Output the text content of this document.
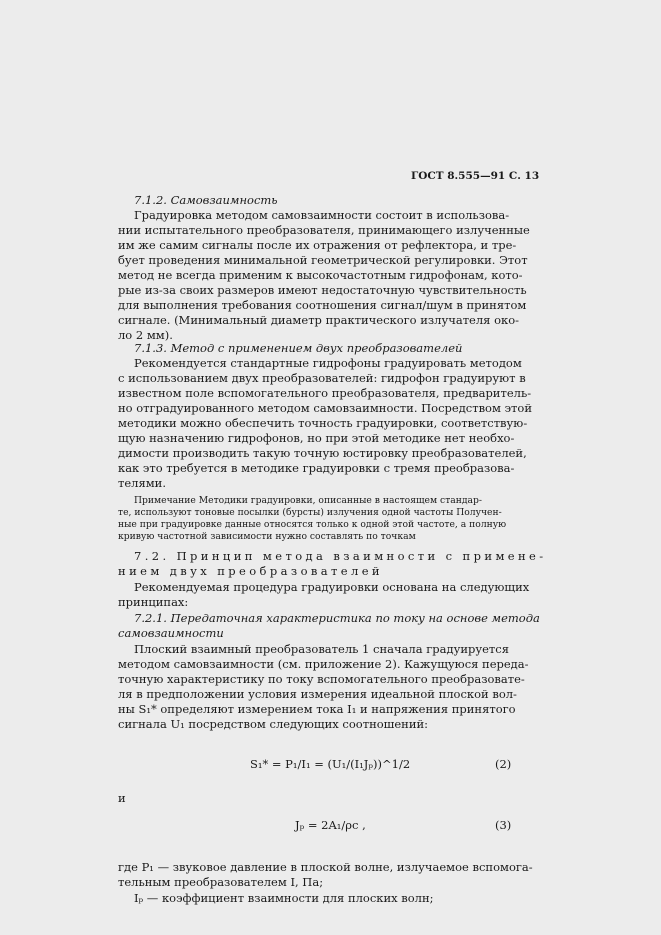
ГОСТ 8.555—91 С. 13
7.1.2. Самовзаимность
Градуировка методом самовзаимности состоит в использова-
нии испытательного преобразователя, принимающего излученные
им же самим сигналы после их отражения от рефлектора, и тре-
бует проведения минимальной геометрической регулировки. Этот
метод не всегда применим к высокочастотным гидрофонам, кото-
рые из-за своих размеров имеют недостаточную чувствительность
для выполнения требования соотношения сигнал/шум в принятом
сигнале. (Минимальный диаметр практического излучателя око-
ло 2 мм).
7.1.3. Метод с применением двух преобразователей
Рекомендуется стандартные гидрофоны градуировать методом
с использованием двух преобразователей: гидрофон градуируют в
известном поле вспомогательного преобразователя, предваритель-
но отградуированного методом самовзаимности. Посредством этой
методики можно обеспечить точность градуировки, соответствую-
щую назначению гидрофонов, но при этой методике нет необхо-
димости производить такую точную юстировку преобразователей,
как это требуется в методике градуировки с тремя преобразова-
телями.
Примечание Методики градуировки, описанные в настоящем стандар-
те, используют тоновые посылки (бурсты) излучения одной частоты Получен-
ные при градуировке данные относятся только к одной этой частоте, а полную
кривую частотной зависимости нужно составлять по точкам
7.2. Принцип метода взаимности с примене-
нием двух преобразователей
Рекомендуемая процедура градуировки основана на следующих
принципах:
7.2.1. Передаточная характеристика по току на основе метода
самовзаимности
Плоский взаимный преобразователь 1 сначала градуируется
методом самовзаимности (см. приложение 2). Кажущуюся переда-
точную характеристику по току вспомогательного преобразовате-
ля в предположении условия измерения идеальной плоской вол-
ны S₁* определяют измерением тока I₁ и напряжения принятого
сигнала U₁ посредством следующих соотношений:
S₁* = P₁/I₁ = (U₁/(I₁Jₚ))^1/2	(2)
и
Jₚ = 2A₁/ρc ,	(3)
где P₁ — звуковое давление в плоской волне, излучаемое вспомога-
тельным преобразователем I, Па;
Iₚ — коэффициент взаимности для плоских волн;
